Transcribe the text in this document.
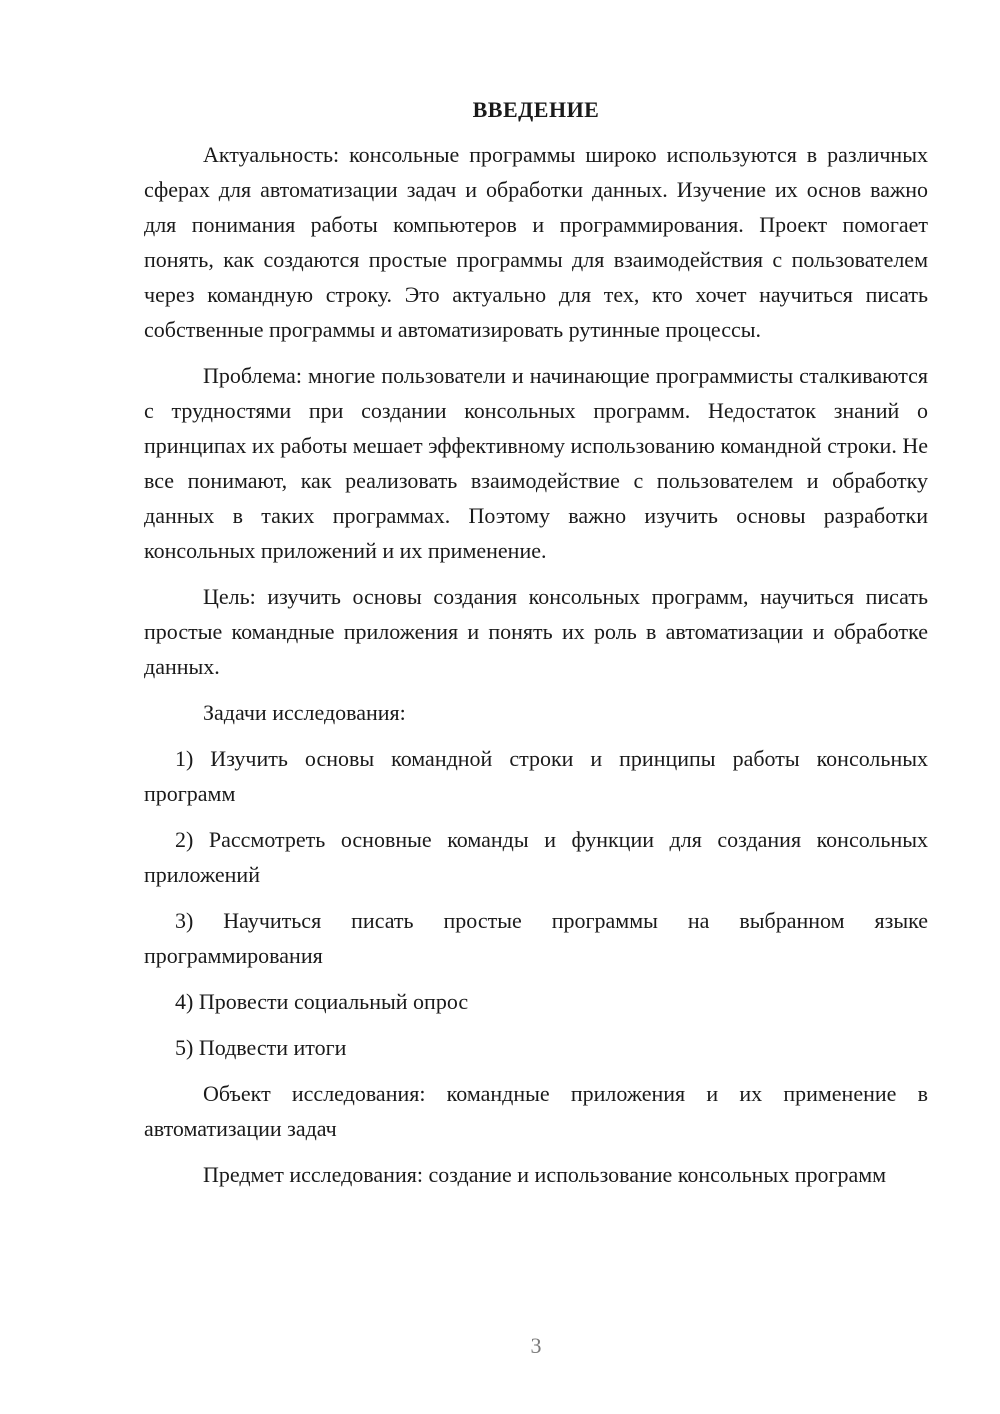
ВВЕДЕНИЕ

Актуальность: консольные программы широко используются в различных сферах для автоматизации задач и обработки данных. Изучение их основ важно для понимания работы компьютеров и программирования. Проект помогает понять, как создаются простые программы для взаимодействия с пользователем через командную строку. Это актуально для тех, кто хочет научиться писать собственные программы и автоматизировать рутинные процессы.

Проблема: многие пользователи и начинающие программисты сталкиваются с трудностями при создании консольных программ. Недостаток знаний о принципах их работы мешает эффективному использованию командной строки. Не все понимают, как реализовать взаимодействие с пользователем и обработку данных в таких программах. Поэтому важно изучить основы разработки консольных приложений и их применение.

Цель: изучить основы создания консольных программ, научиться писать простые командные приложения и понять их роль в автоматизации и обработке данных.

Задачи исследования:

1) Изучить основы командной строки и принципы работы консольных программ

2) Рассмотреть основные команды и функции для создания консольных приложений

3) Научиться писать простые программы на выбранном языке программирования

4) Провести социальный опрос

5) Подвести итоги

Объект исследования: командные приложения и их применение в автоматизации задач

Предмет исследования: создание и использование консольных программ

3
